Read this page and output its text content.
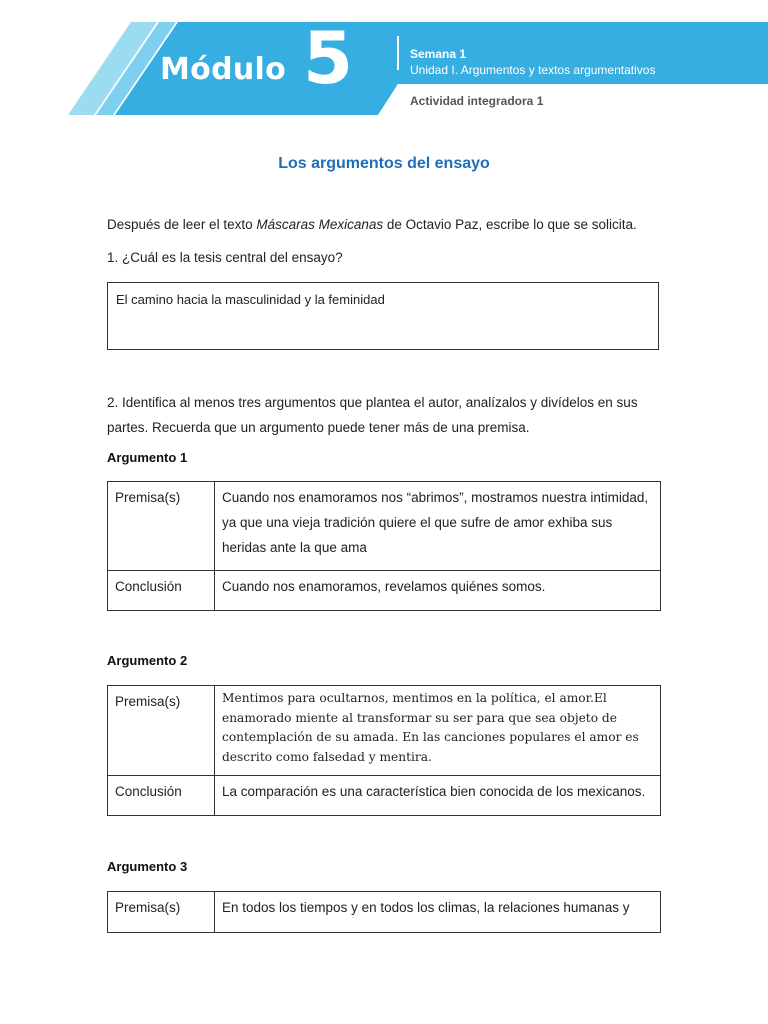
Módulo 5	Semana 1
Unidad I. Argumentos y textos argumentativos
Actividad integradora 1
Los argumentos del ensayo
Después de leer el texto Máscaras Mexicanas de Octavio Paz, escribe lo que se solicita.
1. ¿Cuál es la tesis central del ensayo?
El camino hacia la masculinidad y la feminidad
2. Identifica al menos tres argumentos que plantea el autor, analízalos y divídelos en sus partes. Recuerda que un argumento puede tener más de una premisa.
Argumento 1
Premisa(s)	Cuando nos enamoramos nos “abrimos”, mostramos nuestra intimidad, ya que una vieja tradición quiere el que sufre de amor exhiba sus heridas ante la que ama
Conclusión	Cuando nos enamoramos, revelamos quiénes somos.
Argumento 2
Premisa(s)	Mentimos para ocultarnos, mentimos en la política, el amor.El enamorado miente al transformar su ser para que sea objeto de contemplación de su amada. En las canciones populares el amor es descrito como falsedad y mentira.
Conclusión	La comparación es una característica bien conocida de los mexicanos.
Argumento 3
Premisa(s)	En todos los tiempos y en todos los climas, la relaciones humanas y
